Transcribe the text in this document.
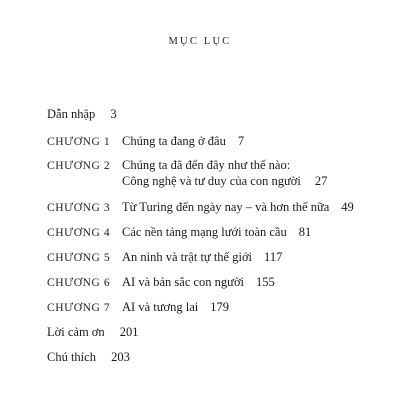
MỤC LỤC
Dẫn nhập 3
CHƯƠNG 1 Chúng ta đang ở đâu 7
CHƯƠNG 2 Chúng ta đã đến đây như thế nào:
Công nghệ và tư duy của con người 27
CHƯƠNG 3 Từ Turing đến ngày nay – và hơn thế nữa 49
CHƯƠNG 4 Các nền tảng mạng lưới toàn cầu 81
CHƯƠNG 5 An ninh và trật tự thế giới 117
CHƯƠNG 6 AI và bản sắc con người 155
CHƯƠNG 7 AI và tương lai 179
Lời cảm ơn 201
Chú thích 203
